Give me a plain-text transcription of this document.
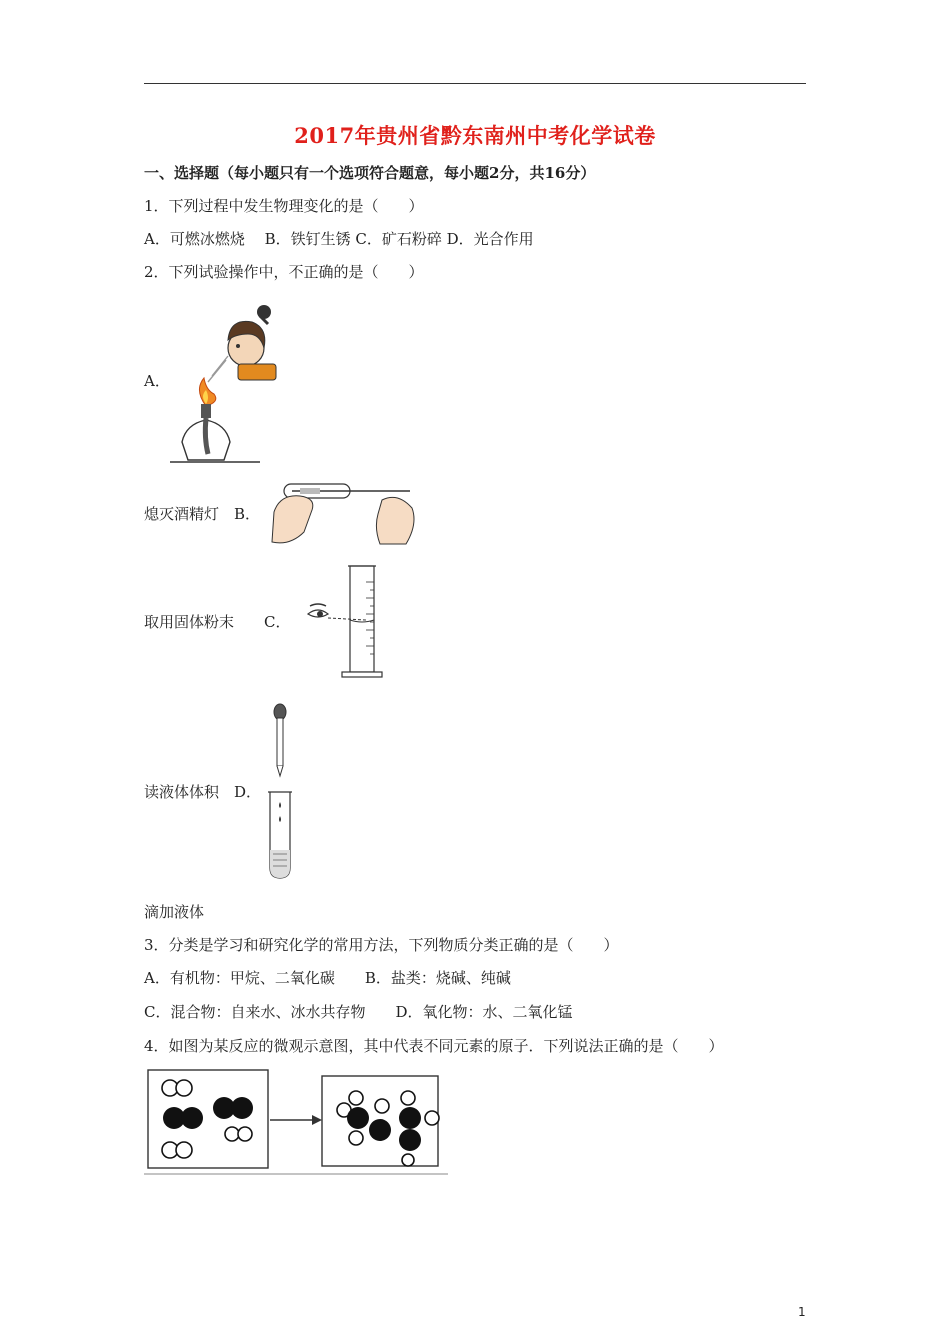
2017年贵州省黔东南州中考化学试卷
一、选择题（每小题只有一个选项符合题意，每小题2分，共16分）
1．下列过程中发生物理变化的是（　　）
A．可燃冰燃烧　 B．铁钉生锈 C．矿石粉碎 D．光合作用
2．下列试验操作中，不正确的是（　　）
A．
熄灭酒精灯　 B．
取用固体粉末　　 C．
读液体体积　 D．
滴加液体
3．分类是学习和研究化学的常用方法，下列物质分类正确的是（　　）
A．有机物：甲烷、二氧化碳　　B．盐类：烧碱、纯碱
C．混合物：自来水、冰水共存物　　D．氧化物：水、二氧化锰
4．如图为某反应的微观示意图，其中代表不同元素的原子．下列说法正确的是（　　）
1
